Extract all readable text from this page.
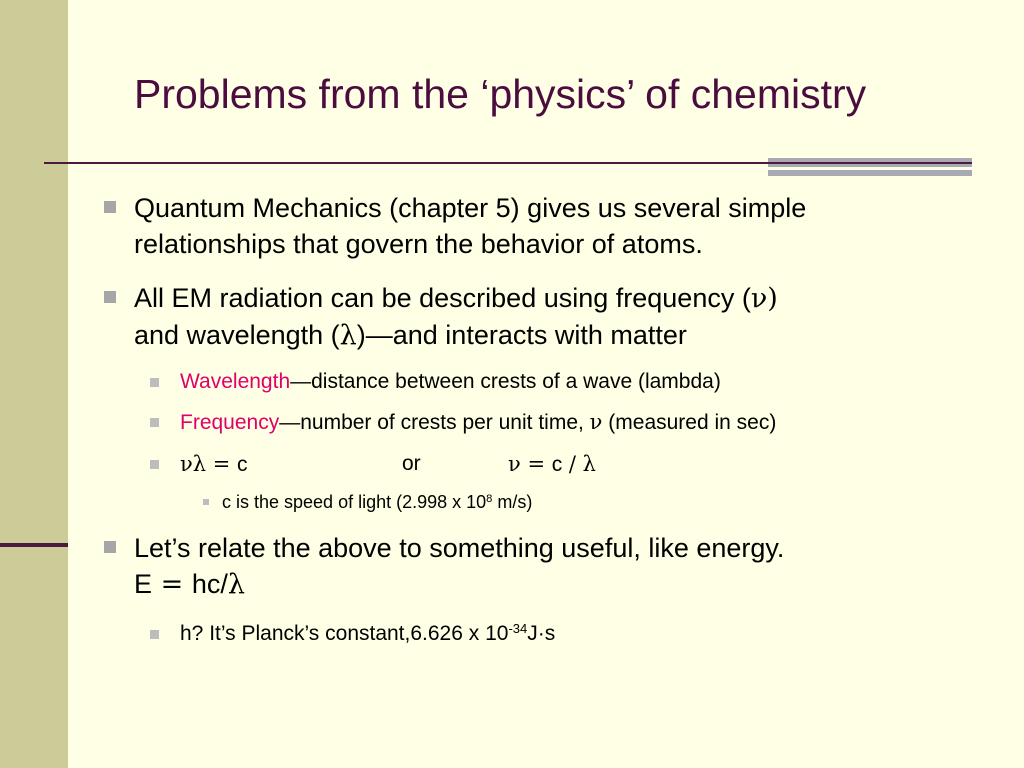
Problems from the ‘physics’ of chemistry
Quantum Mechanics (chapter 5) gives us several simple
relationships that govern the behavior of atoms.
All EM radiation can be described using frequency (ν)
and wavelength (λ)—and interacts with matter
Wavelength—distance between crests of a wave (lambda)
Frequency—number of crests per unit time, ν (measured in sec)
νλ = c	or	ν = c / λ
c is the speed of light (2.998 x $10^8$ m/s)
Let’s relate the above to something useful, like energy.
E = hc/λ
h? It’s Planck’s constant,6.626 x $10^{-34}J\cdot s$
